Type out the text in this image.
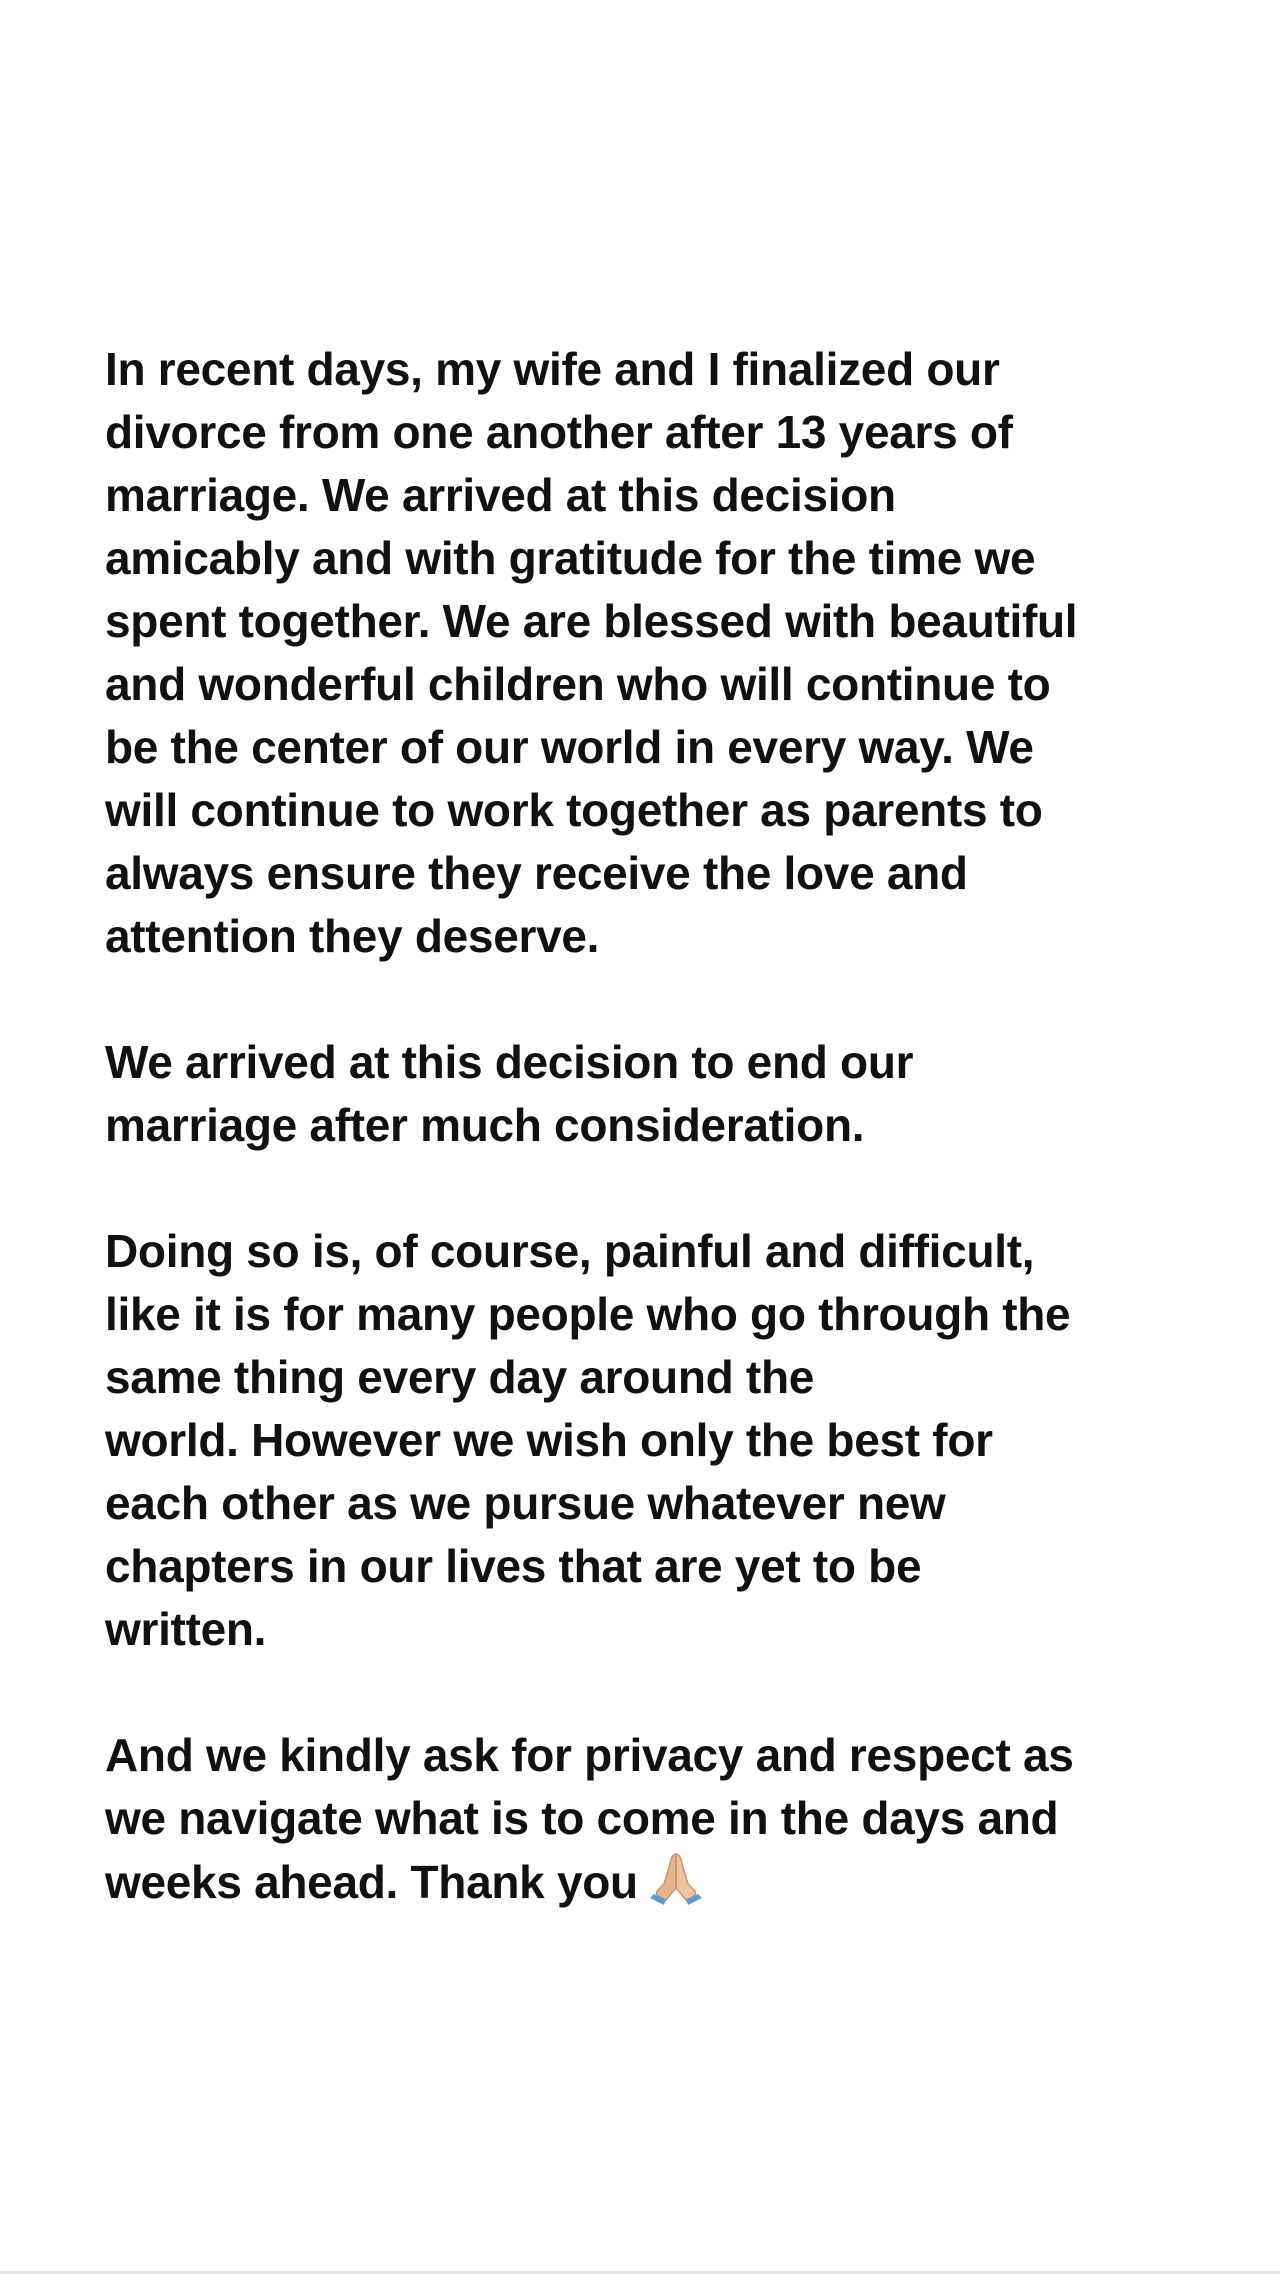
In recent days, my wife and I finalized our
divorce from one another after 13 years of
marriage. We arrived at this decision
amicably and with gratitude for the time we
spent together. We are blessed with beautiful
and wonderful children who will continue to
be the center of our world in every way. We
will continue to work together as parents to
always ensure they receive the love and
attention they deserve.
We arrived at this decision to end our
marriage after much consideration.
Doing so is, of course, painful and difficult,
like it is for many people who go through the
same thing every day around the
world. However we wish only the best for
each other as we pursue whatever new
chapters in our lives that are yet to be
written.
And we kindly ask for privacy and respect as
we navigate what is to come in the days and
weeks ahead. Thank you
